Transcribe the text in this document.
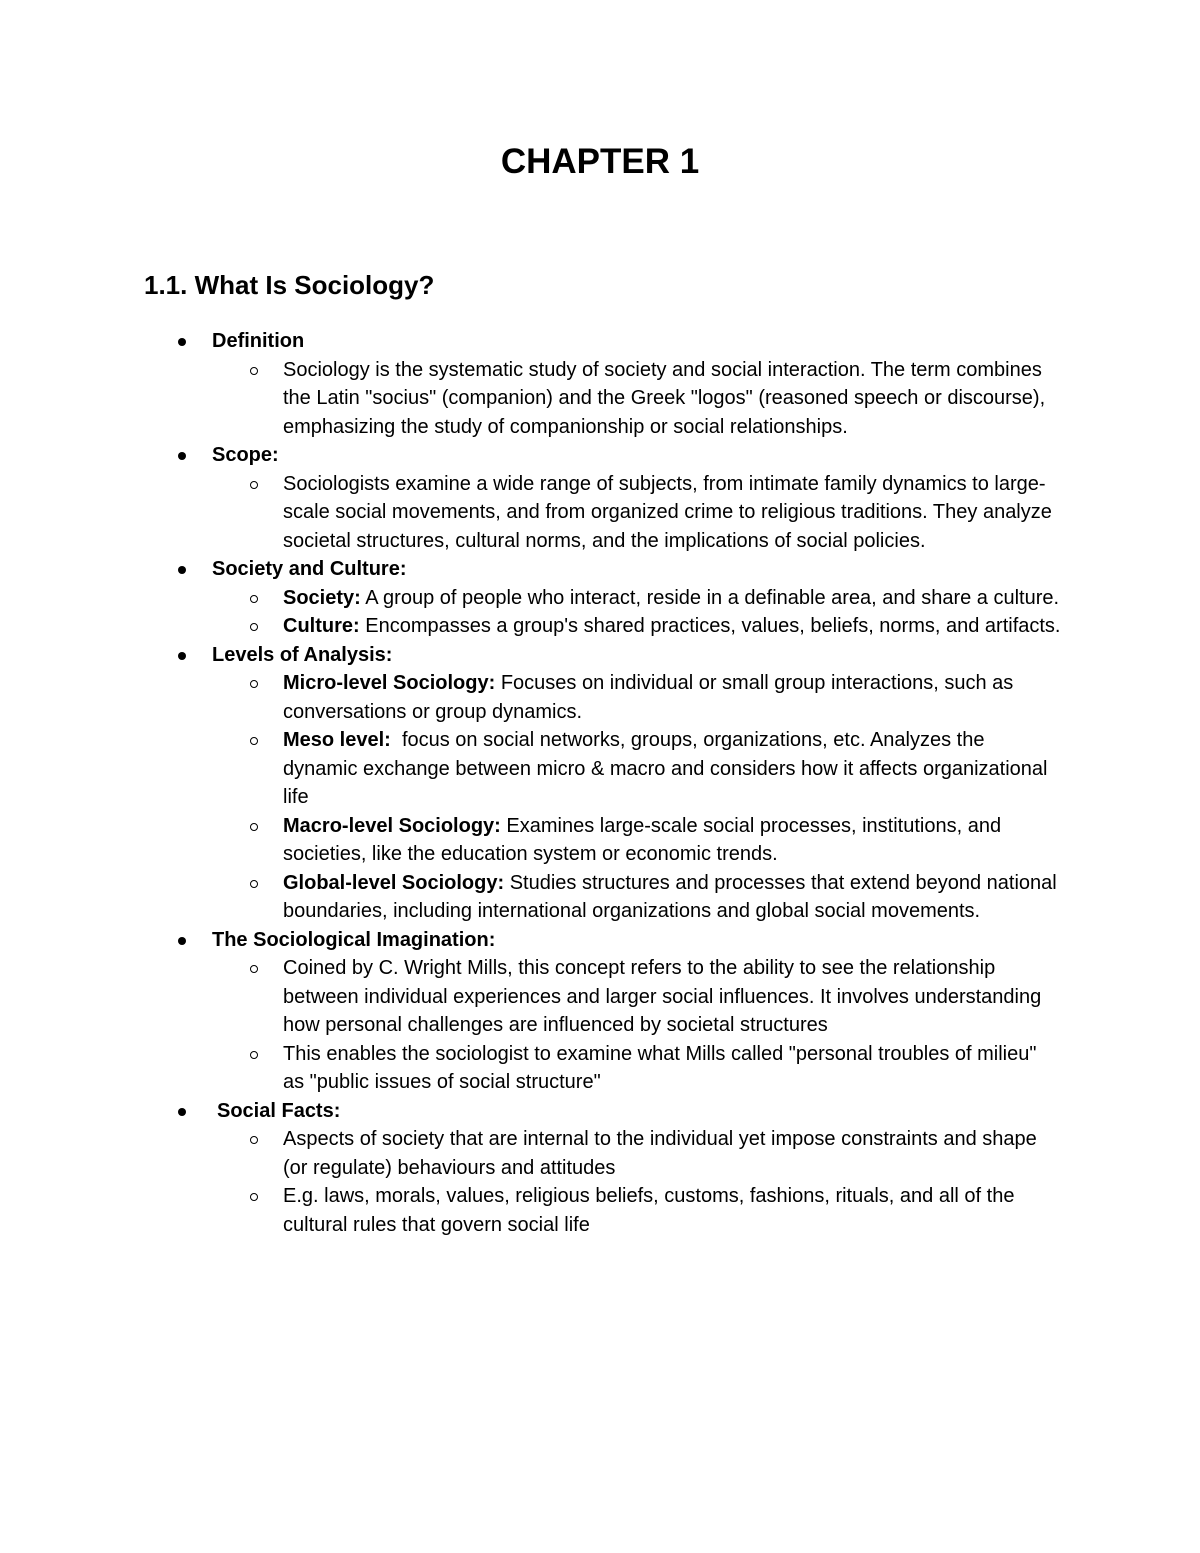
CHAPTER 1
1.1. What Is Sociology?
Definition
Sociology is the systematic study of society and social interaction. The term combines the Latin "socius" (companion) and the Greek "logos" (reasoned speech or discourse), emphasizing the study of companionship or social relationships.
Scope:
Sociologists examine a wide range of subjects, from intimate family dynamics to large-scale social movements, and from organized crime to religious traditions. They analyze societal structures, cultural norms, and the implications of social policies.
Society and Culture:
Society: A group of people who interact, reside in a definable area, and share a culture.
Culture: Encompasses a group's shared practices, values, beliefs, norms, and artifacts.
Levels of Analysis:
Micro-level Sociology: Focuses on individual or small group interactions, such as conversations or group dynamics.
Meso level:  focus on social networks, groups, organizations, etc. Analyzes the dynamic exchange between micro & macro and considers how it affects organizational life
Macro-level Sociology: Examines large-scale social processes, institutions, and societies, like the education system or economic trends.
Global-level Sociology: Studies structures and processes that extend beyond national boundaries, including international organizations and global social movements.
The Sociological Imagination:
Coined by C. Wright Mills, this concept refers to the ability to see the relationship between individual experiences and larger social influences. It involves understanding how personal challenges are influenced by societal structures
This enables the sociologist to examine what Mills called "personal troubles of milieu" as "public issues of social structure"
Social Facts:
Aspects of society that are internal to the individual yet impose constraints and shape (or regulate) behaviours and attitudes
E.g. laws, morals, values, religious beliefs, customs, fashions, rituals, and all of the cultural rules that govern social life
